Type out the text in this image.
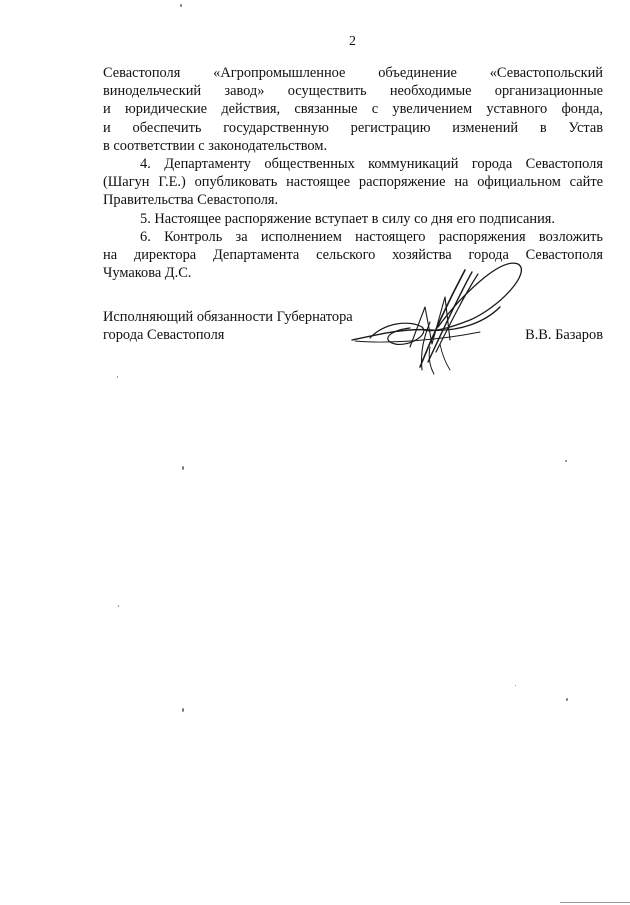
2
Севастополя «Агропромышленное объединение «Севастопольский
винодельческий завод» осуществить необходимые организационные
и юридические действия, связанные с увеличением уставного фонда,
и обеспечить государственную регистрацию изменений в Устав
в соответствии с законодательством.
4. Департаменту общественных коммуникаций города Севастополя
(Шагун Г.Е.) опубликовать настоящее распоряжение на официальном сайте
Правительства Севастополя.
5. Настоящее распоряжение вступает в силу со дня его подписания.
6. Контроль за исполнением настоящего распоряжения возложить
на директора Департамента сельского хозяйства города Севастополя
Чумакова Д.С.
Исполняющий обязанности Губернатора
города Севастополя	В.В. Базаров
